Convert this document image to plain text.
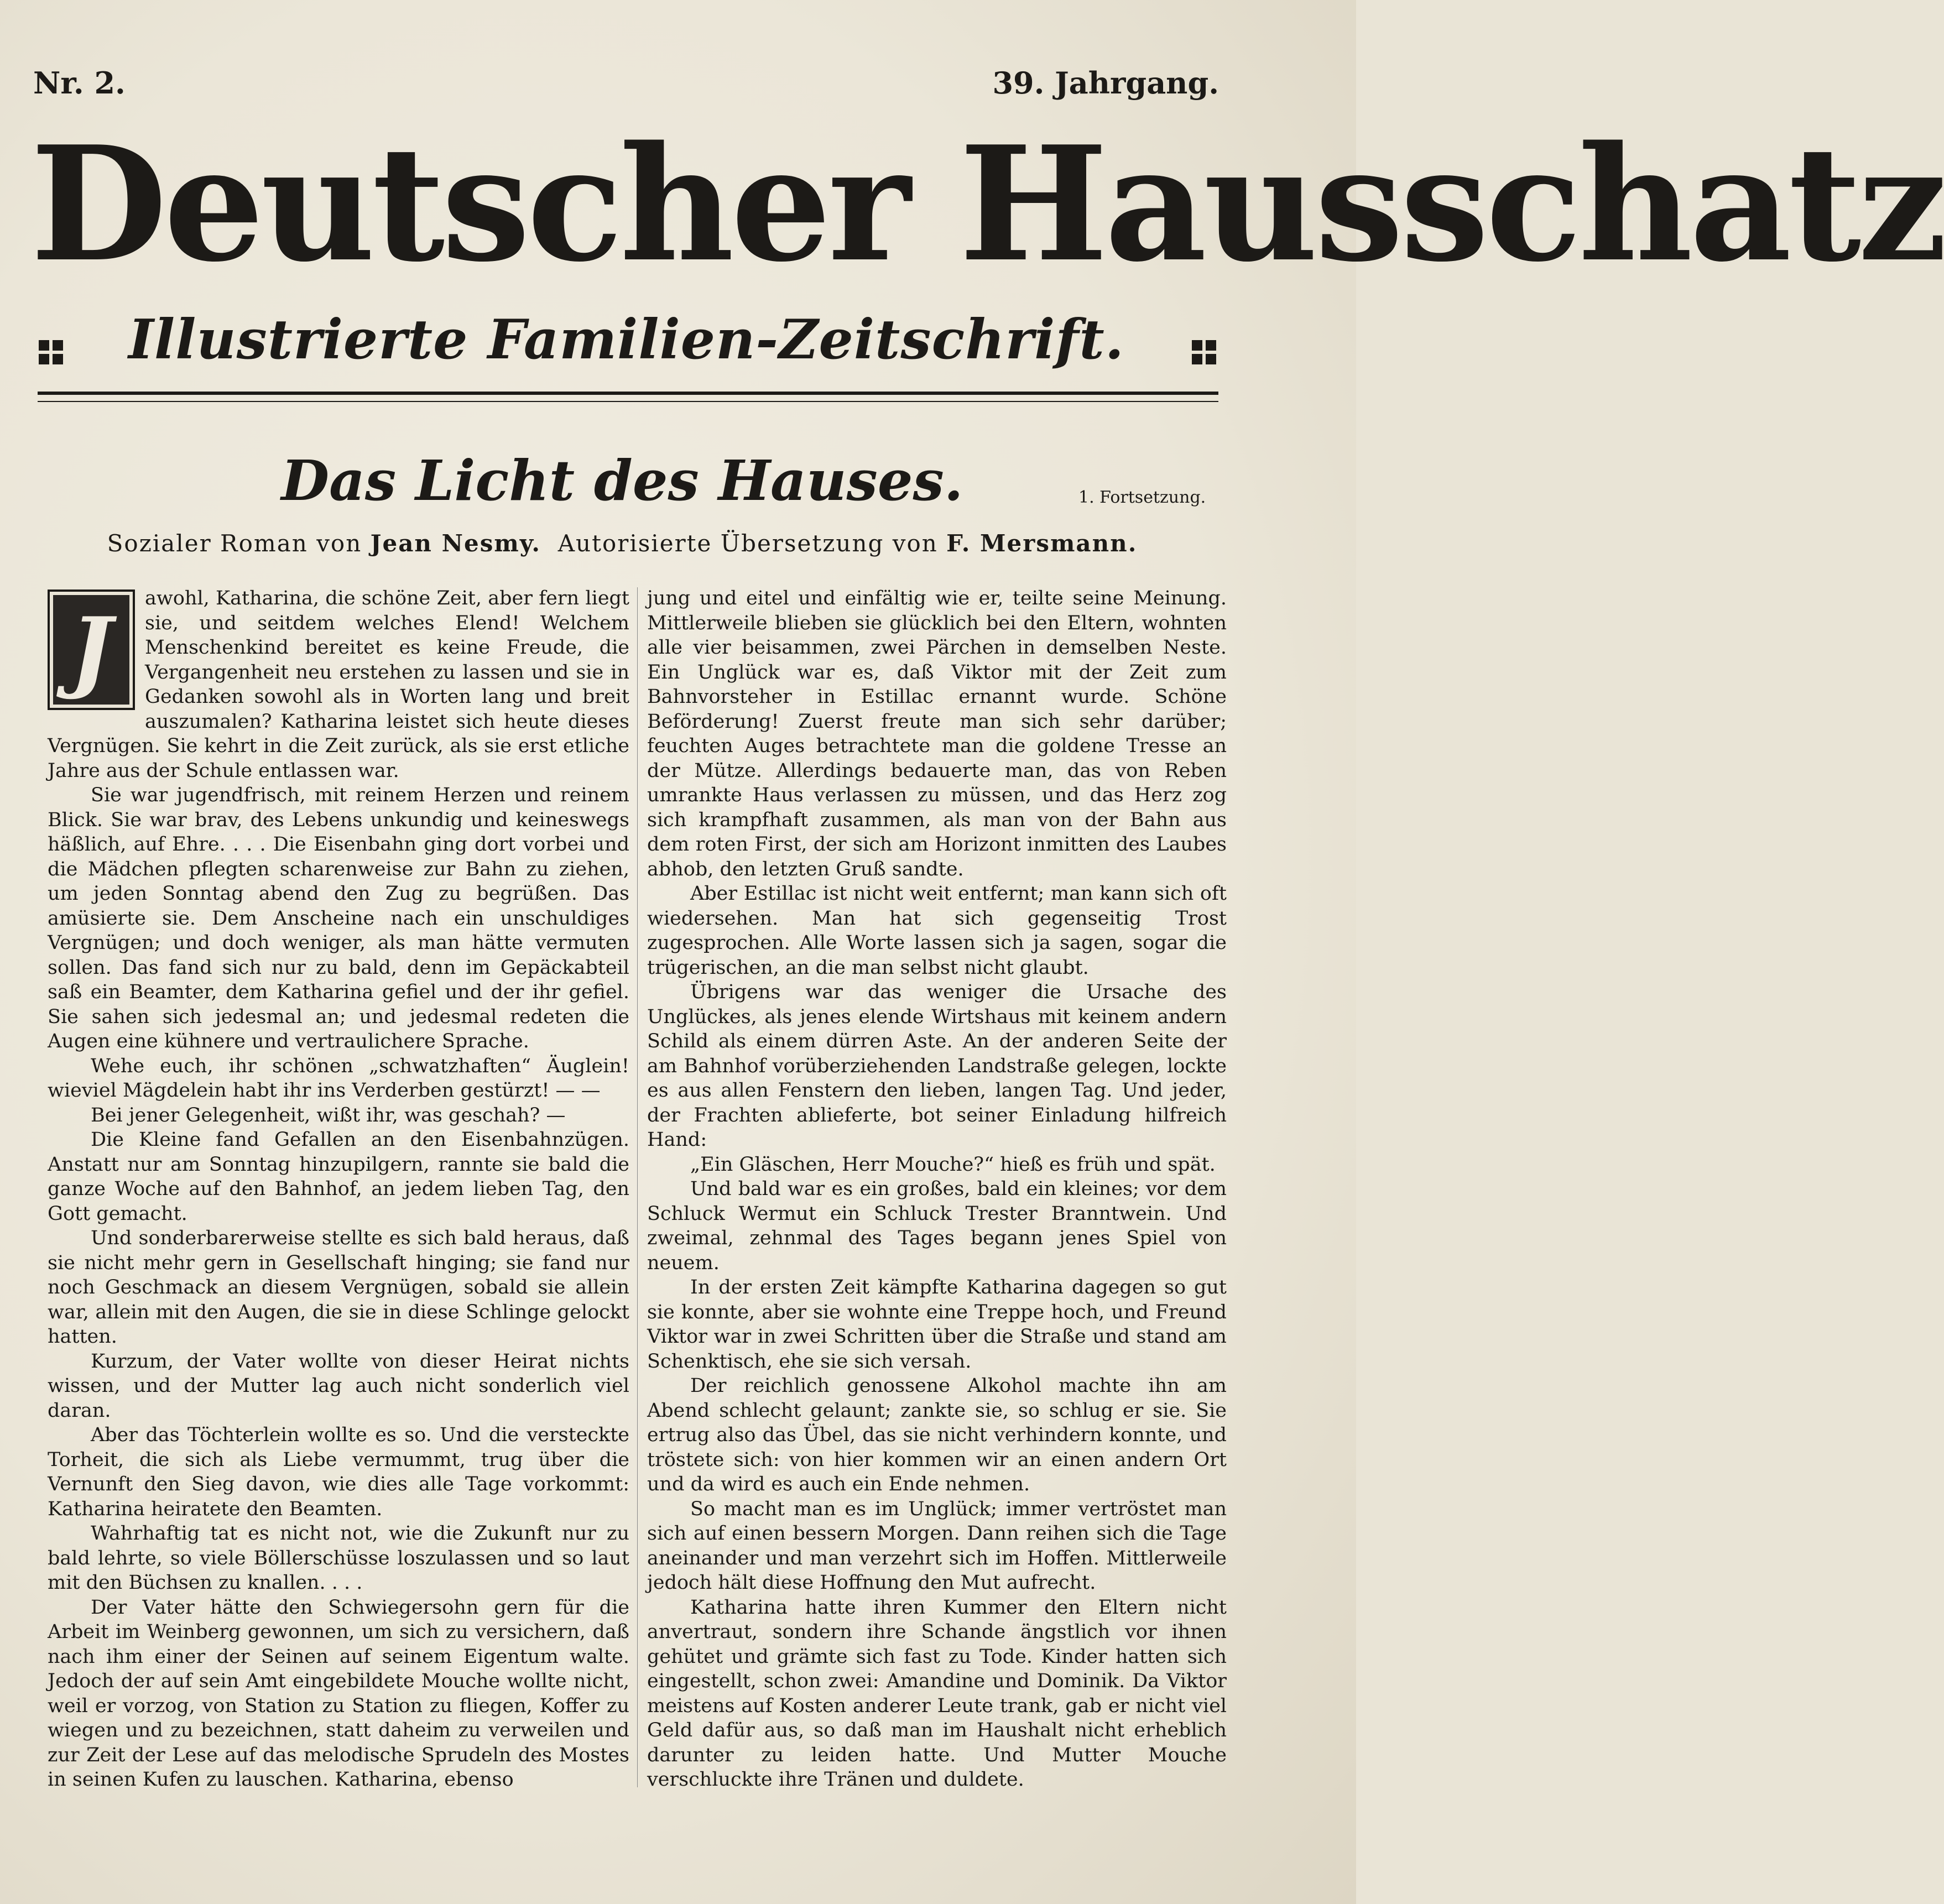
Nr. 2.	39. Jahrgang.
Deutscher Hausschatz
Illustrierte Familien-Zeitschrift.
Das Licht des Hauses.	1. Fortsetzung.
Sozialer Roman von Jean Nesmy. Autorisierte Übersetzung von F. Mersmann.

J	awohl, Katharina, die schöne Zeit, aber fern liegt sie, und seitdem welches Elend! Welchem Menschenkind bereitet es keine Freude, die Vergangenheit neu erstehen zu lassen und sie in Gedanken sowohl als in Worten lang und breit auszumalen? Katharina leistet sich heute dieses Vergnügen. Sie kehrt in die Zeit zurück, als sie erst etliche Jahre aus der Schule entlassen war.

Sie war jugendfrisch, mit reinem Herzen und reinem Blick. Sie war brav, des Lebens unkundig und keineswegs häßlich, auf Ehre. . . . Die Eisenbahn ging dort vorbei und die Mädchen pflegten scharenweise zur Bahn zu ziehen, um jeden Sonntag abend den Zug zu begrüßen. Das amüsierte sie. Dem Anscheine nach ein unschuldiges Vergnügen; und doch weniger, als man hätte vermuten sollen. Das fand sich nur zu bald, denn im Gepäckabteil saß ein Beamter, dem Katharina gefiel und der ihr gefiel. Sie sahen sich jedesmal an; und jedesmal redeten die Augen eine kühnere und vertraulichere Sprache.

Wehe euch, ihr schönen „schwatzhaften“ Äuglein! wieviel Mägdelein habt ihr ins Verderben gestürzt! — —

Bei jener Gelegenheit, wißt ihr, was geschah? —

Die Kleine fand Gefallen an den Eisenbahnzügen. Anstatt nur am Sonntag hinzupilgern, rannte sie bald die ganze Woche auf den Bahnhof, an jedem lieben Tag, den Gott gemacht.

Und sonderbarerweise stellte es sich bald heraus, daß sie nicht mehr gern in Gesellschaft hinging; sie fand nur noch Geschmack an diesem Vergnügen, sobald sie allein war, allein mit den Augen, die sie in diese Schlinge gelockt hatten.

Kurzum, der Vater wollte von dieser Heirat nichts wissen, und der Mutter lag auch nicht sonderlich viel daran.

Aber das Töchterlein wollte es so. Und die versteckte Torheit, die sich als Liebe vermummt, trug über die Vernunft den Sieg davon, wie dies alle Tage vorkommt: Katharina heiratete den Beamten.

Wahrhaftig tat es nicht not, wie die Zukunft nur zu bald lehrte, so viele Böllerschüsse loszulassen und so laut mit den Büchsen zu knallen. . . .

Der Vater hätte den Schwiegersohn gern für die Arbeit im Weinberg gewonnen, um sich zu versichern, daß nach ihm einer der Seinen auf seinem Eigentum walte. Jedoch der auf sein Amt eingebildete Mouche wollte nicht, weil er vorzog, von Station zu Station zu fliegen, Koffer zu wiegen und zu bezeichnen, statt daheim zu verweilen und zur Zeit der Lese auf das melodische Sprudeln des Mostes in seinen Kufen zu lauschen. Katharina, ebenso

jung und eitel und einfältig wie er, teilte seine Meinung. Mittlerweile blieben sie glücklich bei den Eltern, wohnten alle vier beisammen, zwei Pärchen in demselben Neste. Ein Unglück war es, daß Viktor mit der Zeit zum Bahnvorsteher in Estillac ernannt wurde. Schöne Beförderung! Zuerst freute man sich sehr darüber; feuchten Auges betrachtete man die goldene Tresse an der Mütze. Allerdings bedauerte man, das von Reben umrankte Haus verlassen zu müssen, und das Herz zog sich krampfhaft zusammen, als man von der Bahn aus dem roten First, der sich am Horizont inmitten des Laubes abhob, den letzten Gruß sandte.

Aber Estillac ist nicht weit entfernt; man kann sich oft wiedersehen. Man hat sich gegenseitig Trost zugesprochen. Alle Worte lassen sich ja sagen, sogar die trügerischen, an die man selbst nicht glaubt.

Übrigens war das weniger die Ursache des Unglückes, als jenes elende Wirtshaus mit keinem andern Schild als einem dürren Aste. An der anderen Seite der am Bahnhof vorüberziehenden Landstraße gelegen, lockte es aus allen Fenstern den lieben, langen Tag. Und jeder, der Frachten ablieferte, bot seiner Einladung hilfreich Hand:

„Ein Gläschen, Herr Mouche?“ hieß es früh und spät.

Und bald war es ein großes, bald ein kleines; vor dem Schluck Wermut ein Schluck Trester Branntwein. Und zweimal, zehnmal des Tages begann jenes Spiel von neuem.

In der ersten Zeit kämpfte Katharina dagegen so gut sie konnte, aber sie wohnte eine Treppe hoch, und Freund Viktor war in zwei Schritten über die Straße und stand am Schenktisch, ehe sie sich versah.

Der reichlich genossene Alkohol machte ihn am Abend schlecht gelaunt; zankte sie, so schlug er sie. Sie ertrug also das Übel, das sie nicht verhindern konnte, und tröstete sich: von hier kommen wir an einen andern Ort und da wird es auch ein Ende nehmen.

So macht man es im Unglück; immer vertröstet man sich auf einen bessern Morgen. Dann reihen sich die Tage aneinander und man verzehrt sich im Hoffen. Mittlerweile jedoch hält diese Hoffnung den Mut aufrecht.

Katharina hatte ihren Kummer den Eltern nicht anvertraut, sondern ihre Schande ängstlich vor ihnen gehütet und grämte sich fast zu Tode. Kinder hatten sich eingestellt, schon zwei: Amandine und Dominik. Da Viktor meistens auf Kosten anderer Leute trank, gab er nicht viel Geld dafür aus, so daß man im Haushalt nicht erheblich darunter zu leiden hatte. Und Mutter Mouche verschluckte ihre Tränen und duldete.
